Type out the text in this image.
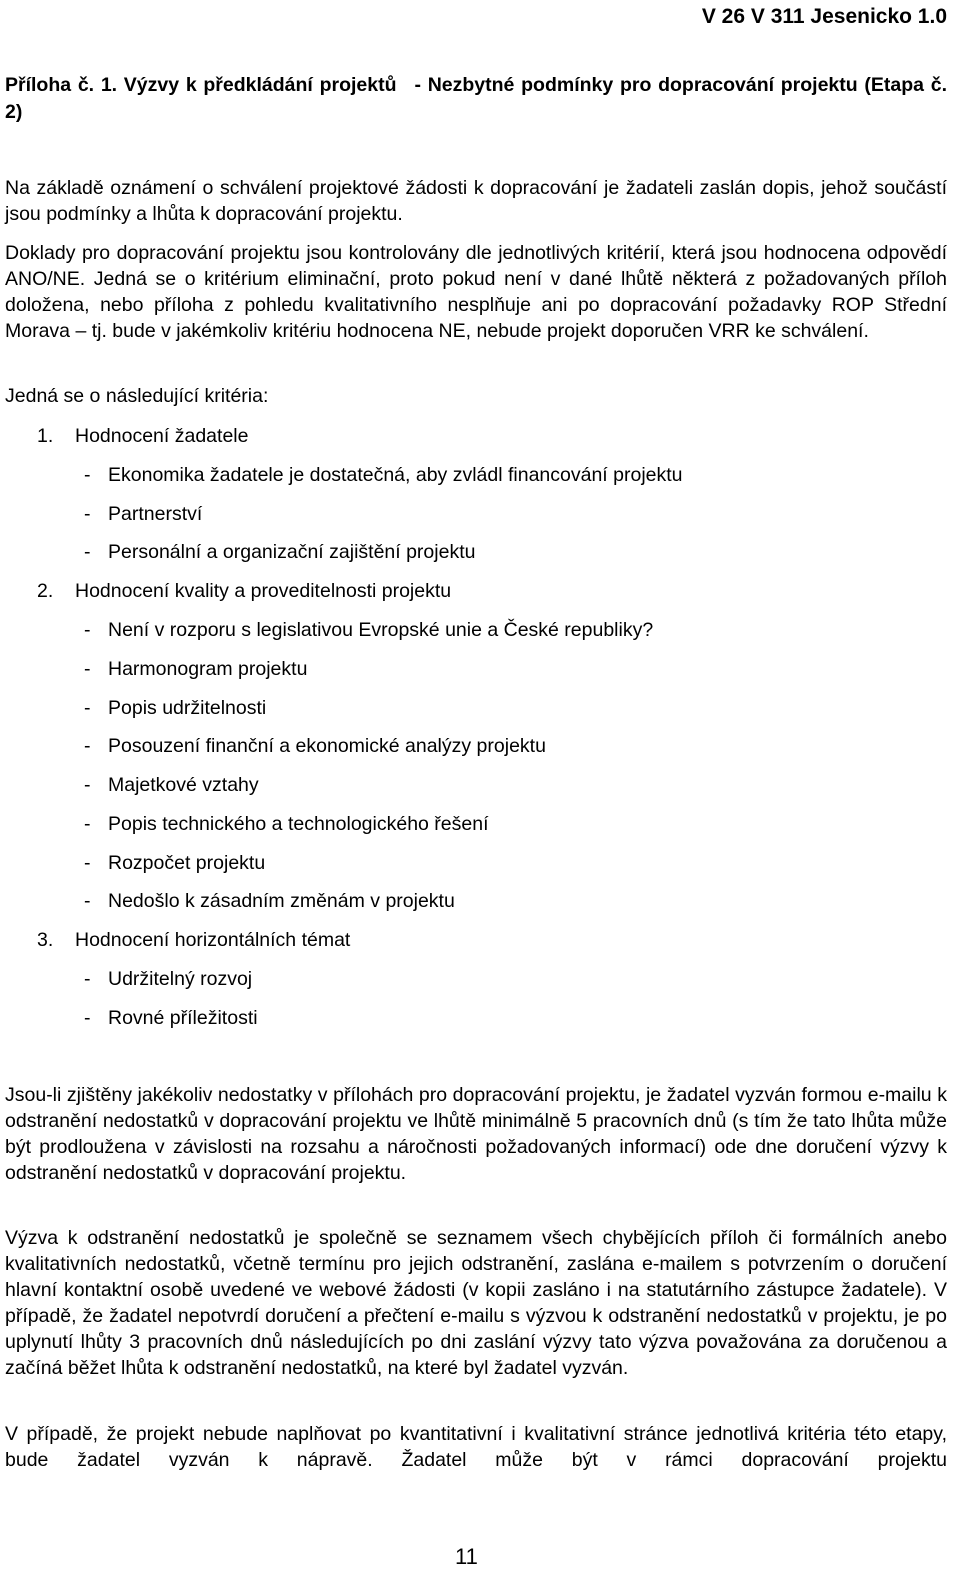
V 26 V 311 Jesenicko 1.0
Příloha č. 1. Výzvy k předkládání projektů - Nezbytné podmínky pro dopracování projektu (Etapa č. 2)

Na základě oznámení o schválení projektové žádosti k dopracování je žadateli zaslán dopis, jehož součástí jsou podmínky a lhůta k dopracování projektu.

Doklady pro dopracování projektu jsou kontrolovány dle jednotlivých kritérií, která jsou hodnocena odpovědí ANO/NE. Jedná se o kritérium eliminační, proto pokud není v dané lhůtě některá z požadovaných příloh doložena, nebo příloha z pohledu kvalitativního nesplňuje ani po dopracování požadavky ROP Střední Morava – tj. bude v jakémkoliv kritériu hodnocena NE, nebude projekt doporučen VRR ke schválení.

Jedná se o následující kritéria:

1. Hodnocení žadatele
- Ekonomika žadatele je dostatečná, aby zvládl financování projektu
- Partnerství
- Personální a organizační zajištění projektu
2. Hodnocení kvality a proveditelnosti projektu
- Není v rozporu s legislativou Evropské unie a České republiky?
- Harmonogram projektu
- Popis udržitelnosti
- Posouzení finanční a ekonomické analýzy projektu
- Majetkové vztahy
- Popis technického a technologického řešení
- Rozpočet projektu
- Nedošlo k zásadním změnám v projektu
3. Hodnocení horizontálních témat
- Udržitelný rozvoj
- Rovné příležitosti

Jsou-li zjištěny jakékoliv nedostatky v přílohách pro dopracování projektu, je žadatel vyzván formou e-mailu k odstranění nedostatků v dopracování projektu ve lhůtě minimálně 5 pracovních dnů (s tím že tato lhůta může být prodloužena v závislosti na rozsahu a náročnosti požadovaných informací) ode dne doručení výzvy k odstranění nedostatků v dopracování projektu.

Výzva k odstranění nedostatků je společně se seznamem všech chybějících příloh či formálních anebo kvalitativních nedostatků, včetně termínu pro jejich odstranění, zaslána e-mailem s potvrzením o doručení hlavní kontaktní osobě uvedené ve webové žádosti (v kopii zasláno i na statutárního zástupce žadatele). V případě, že žadatel nepotvrdí doručení a přečtení e-mailu s výzvou k odstranění nedostatků v projektu, je po uplynutí lhůty 3 pracovních dnů následujících po dni zaslání výzvy tato výzva považována za doručenou a začíná běžet lhůta k odstranění nedostatků, na které byl žadatel vyzván.

V případě, že projekt nebude naplňovat po kvantitativní i kvalitativní stránce jednotlivá kritéria této etapy, bude žadatel vyzván k nápravě. Žadatel může být v rámci dopracování projektu

11
